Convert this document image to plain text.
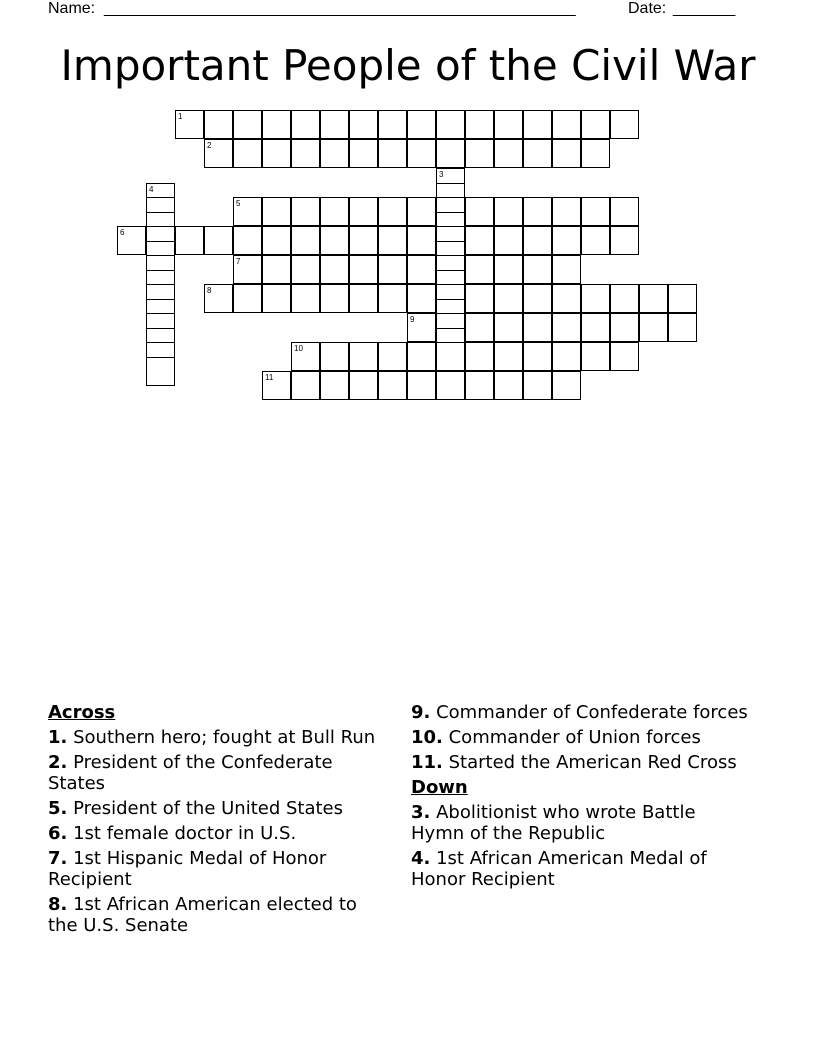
Name: _____________________________________________________	Date: _______
Important People of the Civil War
1
2
3
4
5
6
7
8
9
10
11
Across
1. Southern hero; fought at Bull Run
2. President of the Confederate States
5. President of the United States
6. 1st female doctor in U.S.
7. 1st Hispanic Medal of Honor Recipient
8. 1st African American elected to the U.S. Senate
9. Commander of Confederate forces
10. Commander of Union forces
11. Started the American Red Cross
Down
3. Abolitionist who wrote Battle Hymn of the Republic
4. 1st African American Medal of Honor Recipient
